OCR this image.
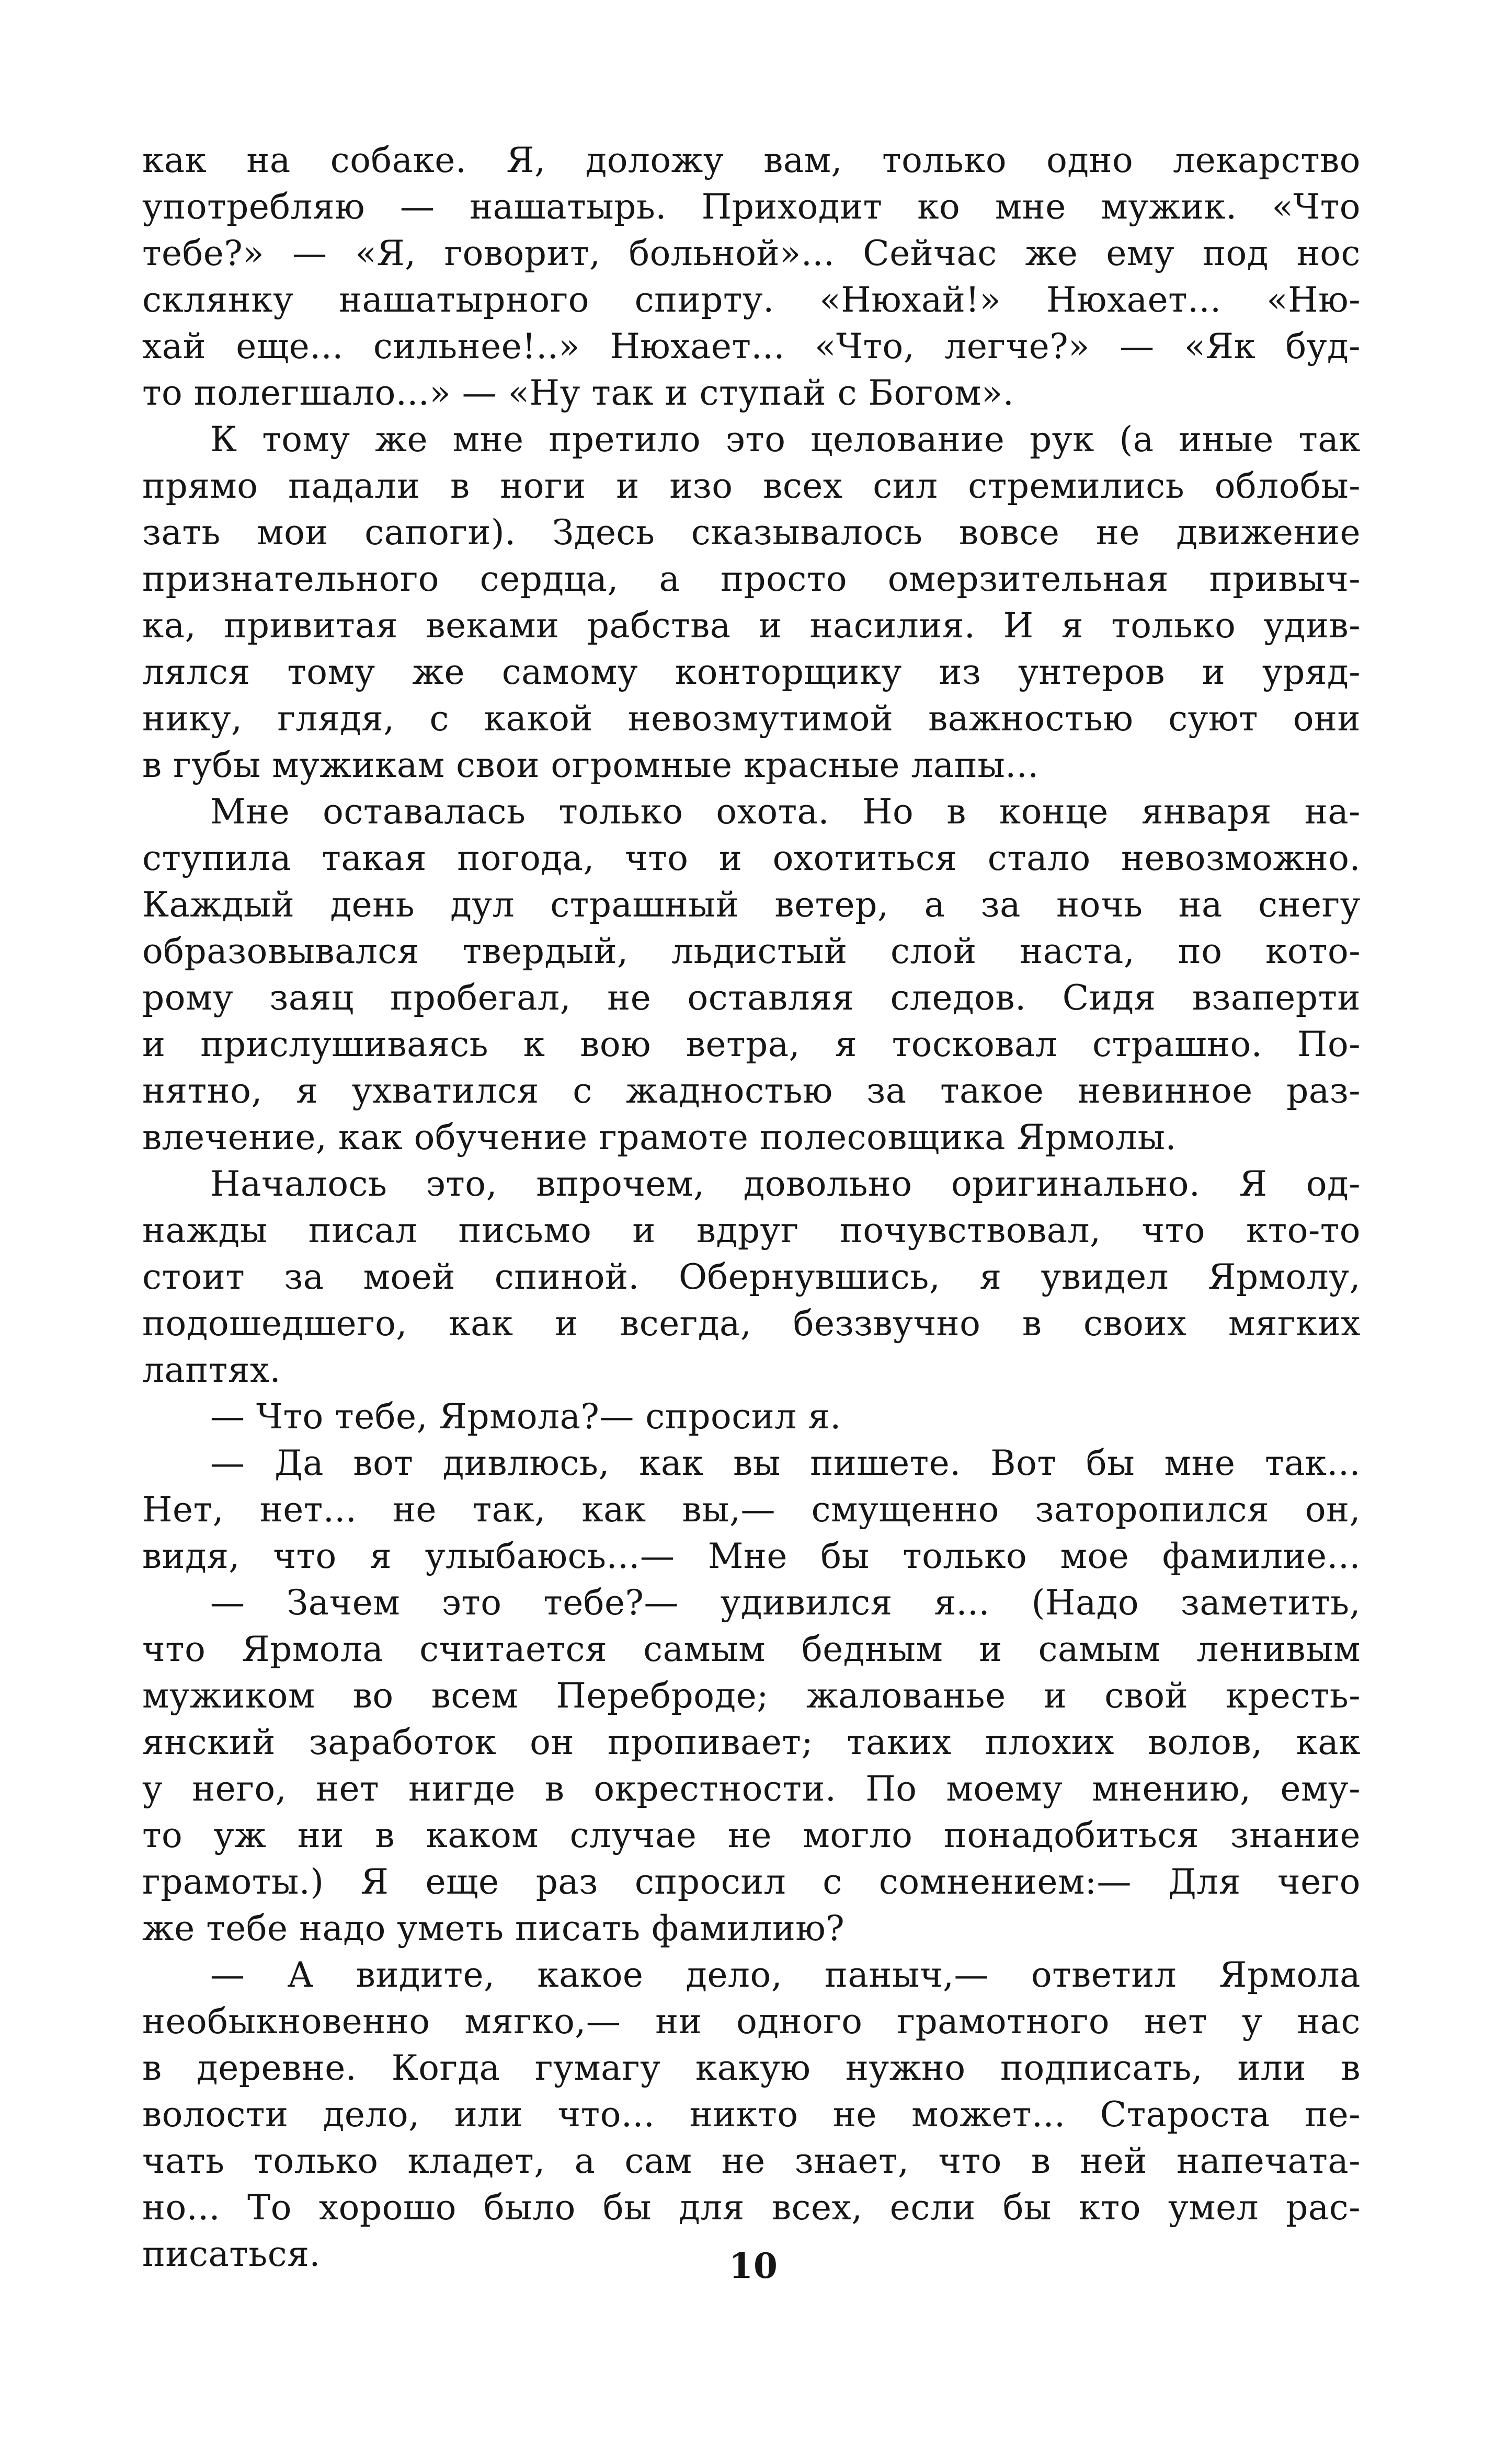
как на собаке. Я, доложу вам, только одно лекарство
употребляю — нашатырь. Приходит ко мне мужик. «Что
тебе?» — «Я, говорит, больной»... Сейчас же ему под нос
склянку нашатырного спирту. «Нюхай!» Нюхает... «Ню-
хай еще... сильнее!..» Нюхает... «Что, легче?» — «Як буд-
то полегшало...» — «Ну так и ступай с Богом».
К тому же мне претило это целование рук (а иные так
прямо падали в ноги и изо всех сил стремились облобы-
зать мои сапоги). Здесь сказывалось вовсе не движение
признательного сердца, а просто омерзительная привыч-
ка, привитая веками рабства и насилия. И я только удив-
лялся тому же самому конторщику из унтеров и уряд-
нику, глядя, с какой невозмутимой важностью суют они
в губы мужикам свои огромные красные лапы...
Мне оставалась только охота. Но в конце января на-
ступила такая погода, что и охотиться стало невозможно.
Каждый день дул страшный ветер, а за ночь на снегу
образовывался твердый, льдистый слой наста, по кото-
рому заяц пробегал, не оставляя следов. Сидя взаперти
и прислушиваясь к вою ветра, я тосковал страшно. По-
нятно, я ухватился с жадностью за такое невинное раз-
влечение, как обучение грамоте полесовщика Ярмолы.
Началось это, впрочем, довольно оригинально. Я од-
нажды писал письмо и вдруг почувствовал, что кто-то
стоит за моей спиной. Обернувшись, я увидел Ярмолу,
подошедшего, как и всегда, беззвучно в своих мягких
лаптях.
— Что тебе, Ярмола?— спросил я.
— Да вот дивлюсь, как вы пишете. Вот бы мне так...
Нет, нет... не так, как вы,— смущенно заторопился он,
видя, что я улыбаюсь...— Мне бы только мое фамилие...
— Зачем это тебе?— удивился я... (Надо заметить,
что Ярмола считается самым бедным и самым ленивым
мужиком во всем Переброде; жалованье и свой кресть-
янский заработок он пропивает; таких плохих волов, как
у него, нет нигде в окрестности. По моему мнению, ему-
то уж ни в каком случае не могло понадобиться знание
грамоты.) Я еще раз спросил с сомнением:— Для чего
же тебе надо уметь писать фамилию?
— А видите, какое дело, паныч,— ответил Ярмола
необыкновенно мягко,— ни одного грамотного нет у нас
в деревне. Когда гумагу какую нужно подписать, или в
волости дело, или что... никто не может... Староста пе-
чать только кладет, а сам не знает, что в ней напечата-
но... То хорошо было бы для всех, если бы кто умел рас-
писаться.	10
